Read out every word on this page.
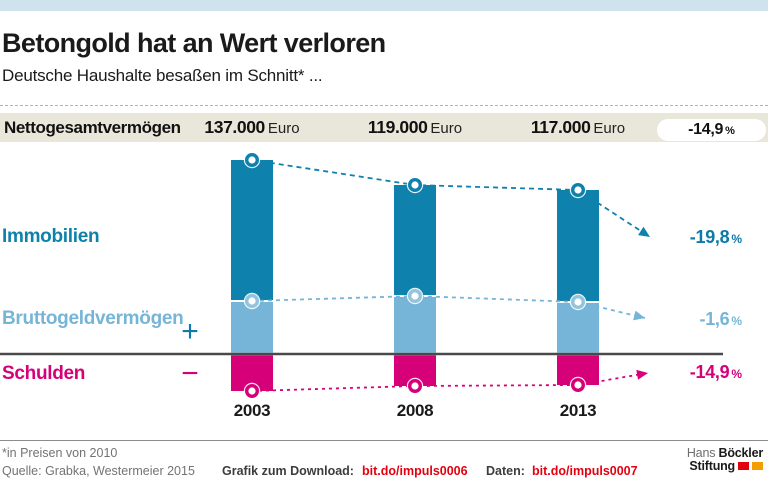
Betongold hat an Wert verloren
Deutsche Haushalte besaßen im Schnitt* ...
Nettogesamtvermögen	137.000 Euro	119.000 Euro	117.000 Euro	-14,9 %
Immobilien
Bruttogeldvermögen
Schulden
+
−
-19,8 %
-1,6 %
-14,9 %
2003	2008	2013
*in Preisen von 2010
Quelle: Grabka, Westermeier 2015 Grafik zum Download: bit.do/impuls0006 Daten: bit.do/impuls0007
Hans Böckler
Stiftung
